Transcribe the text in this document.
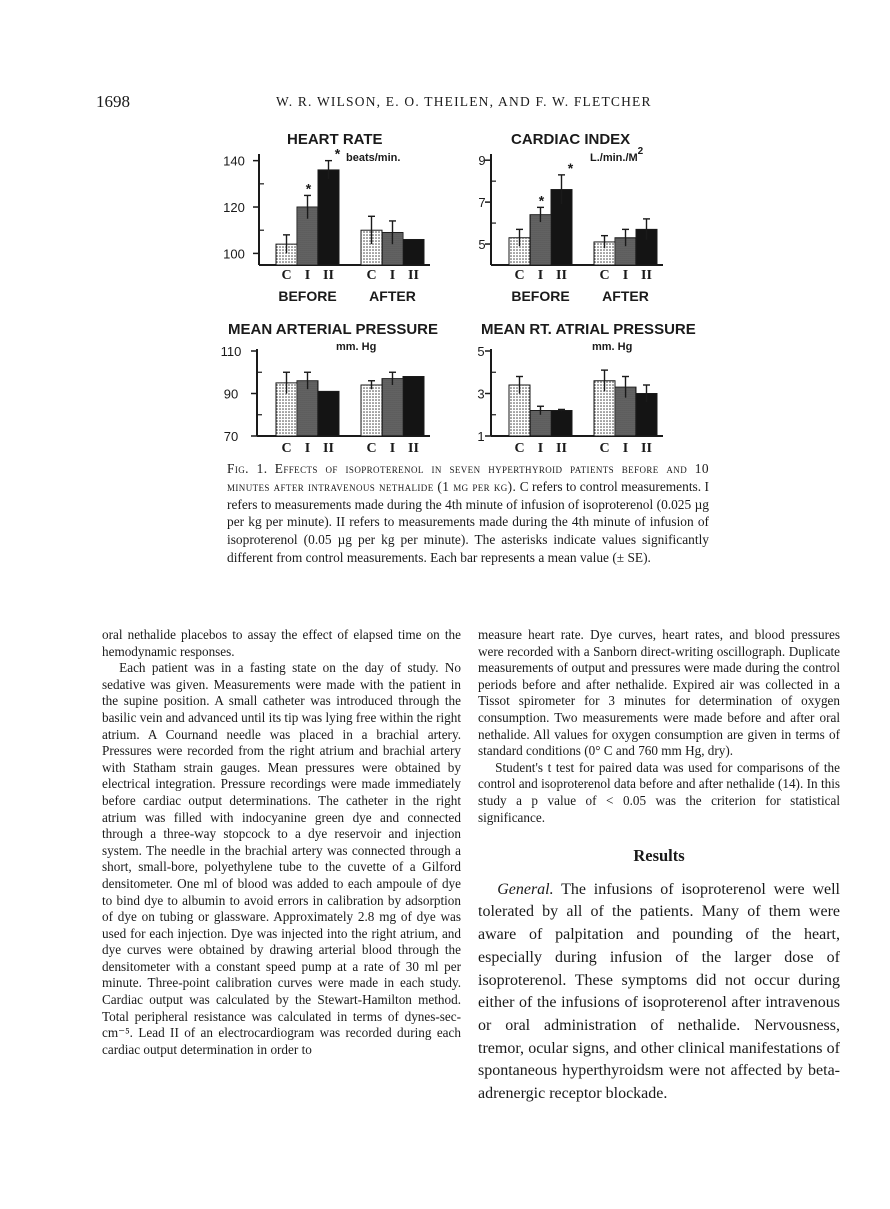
1698	W. R. WILSON, E. O. THEILEN, AND F. W. FLETCHER
HEART RATE
beats/min.
100
120
140
C
*
I
*
II
BEFORE
C I II
AFTER
CARDIAC INDEX
L./min./M2
5
7
9
C
*
I
*
II
BEFORE
C I II
AFTER
MEAN ARTERIAL PRESSURE
mm. Hg
70
90
110
C I II C I II
MEAN RT. ATRIAL PRESSURE
mm. Hg
1
3
5
C I II C I II
Fig. 1. Effects of isoproterenol in seven hyperthyroid patients before and 10 minutes after intravenous nethalide (1 mg per kg). C refers to control measurements. I refers to measurements made during the 4th minute of infusion of isoproterenol (0.025 µg per kg per minute). II refers to measurements made during the 4th minute of infusion of isoproterenol (0.05 µg per kg per minute). The asterisks indicate values significantly different from control measurements. Each bar represents a mean value (± SE).

oral nethalide placebos to assay the effect of elapsed time on the hemodynamic responses.

Each patient was in a fasting state on the day of study. No sedative was given. Measurements were made with the patient in the supine position. A small catheter was introduced through the basilic vein and advanced until its tip was lying free within the right atrium. A Cournand needle was placed in a brachial artery. Pressures were recorded from the right atrium and brachial artery with Statham strain gauges. Mean pressures were obtained by electrical integration. Pressure recordings were made immediately before cardiac output determinations. The catheter in the right atrium was filled with indocyanine green dye and connected through a three-way stopcock to a dye reservoir and injection system. The needle in the brachial artery was connected through a short, small-bore, polyethylene tube to the cuvette of a Gilford densitometer. One ml of blood was added to each ampoule of dye to bind dye to albumin to avoid errors in calibration by adsorption of dye on tubing or glassware. Approximately 2.8 mg of dye was used for each injection. Dye was injected into the right atrium, and dye curves were obtained by drawing arterial blood through the densitometer with a constant speed pump at a rate of 30 ml per minute. Three-point calibration curves were made in each study. Cardiac output was calculated by the Stewart-Hamilton method. Total peripheral resistance was calculated in terms of dynes-sec-cm⁻⁵. Lead II of an electrocardiogram was recorded during each cardiac output determination in order to

measure heart rate. Dye curves, heart rates, and blood pressures were recorded with a Sanborn direct-writing oscillograph. Duplicate measurements of output and pressures were made during the control periods before and after nethalide. Expired air was collected in a Tissot spirometer for 3 minutes for determination of oxygen consumption. Two measurements were made before and after oral nethalide. All values for oxygen consumption are given in terms of standard conditions (0° C and 760 mm Hg, dry).

Student's t test for paired data was used for comparisons of the control and isoproterenol data before and after nethalide (14). In this study a p value of < 0.05 was the criterion for statistical significance.

Results

General. The infusions of isoproterenol were well tolerated by all of the patients. Many of them were aware of palpitation and pounding of the heart, especially during infusion of the larger dose of isoproterenol. These symptoms did not occur during either of the infusions of isoproterenol after intravenous or oral administration of nethalide. Nervousness, tremor, ocular signs, and other clinical manifestations of spontaneous hyperthyroidsm were not affected by beta-adrenergic receptor blockade.
